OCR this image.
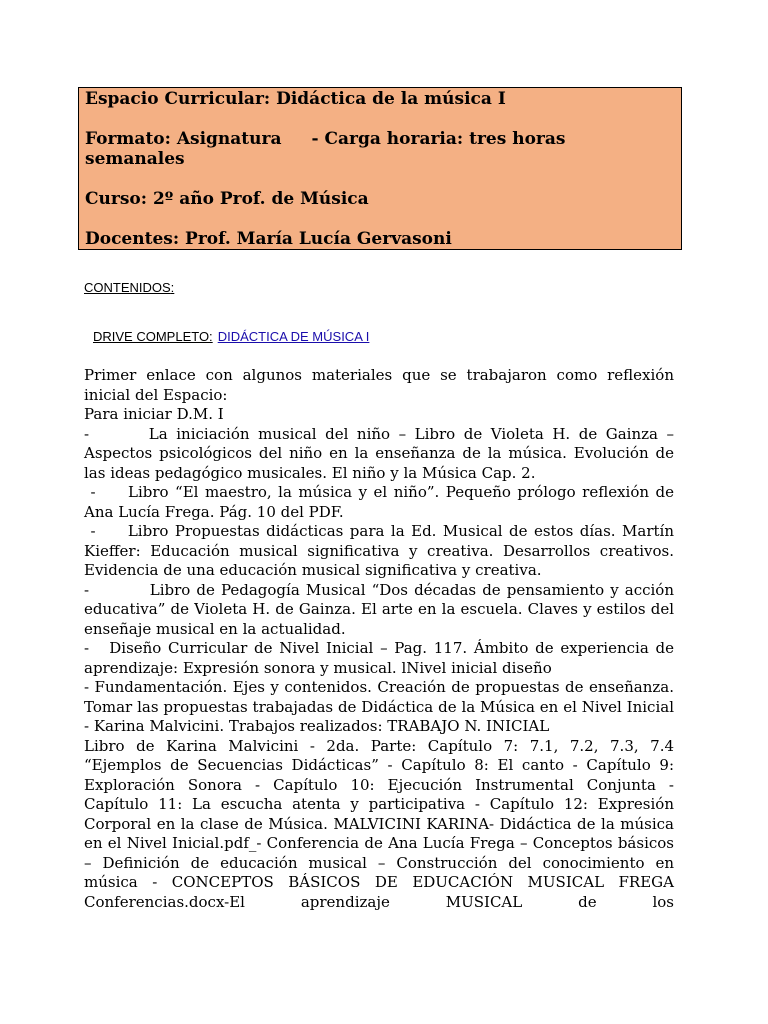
Espacio Curricular: Didáctica de la música I

Formato: Asignatura - Carga horaria: tres horas semanales

Curso: 2º año Prof. de Música

Docentes: Prof. María Lucía Gervasoni

CONTENIDOS:
DRIVE COMPLETO: DIDÁCTICA DE MÚSICA I

Primer enlace con algunos materiales que se trabajaron como reflexión inicial del Espacio:

Para iniciar D.M. I

-       La iniciación musical del niño – Libro de Violeta H. de Gainza – Aspectos psicológicos del niño en la enseñanza de la música. Evolución de las ideas pedagógico musicales. El niño y la Música Cap. 2.

-     Libro “El maestro, la música y el niño”. Pequeño prólogo reflexión de Ana Lucía Frega. Pág. 10 del PDF.

-     Libro Propuestas didácticas para la Ed. Musical de estos días. Martín Kieffer: Educación musical significativa y creativa. Desarrollos creativos. Evidencia de una educación musical significativa y creativa.

-          Libro de Pedagogía Musical “Dos décadas de pensamiento y acción educativa” de Violeta H. de Gainza. El arte en la escuela. Claves y estilos del enseñaje musical en la actualidad.

-   Diseño Curricular de Nivel Inicial – Pag. 117. Ámbito de experiencia de aprendizaje: Expresión sonora y musical. lNivel inicial diseño

- Fundamentación. Ejes y contenidos. Creación de propuestas de enseñanza. Tomar las propuestas trabajadas de Didáctica de la Música en el Nivel Inicial - Karina Malvicini. Trabajos realizados: TRABAJO N. INICIAL

Libro de Karina Malvicini - 2da. Parte: Capítulo 7: 7.1, 7.2, 7.3, 7.4 “Ejemplos de Secuencias Didácticas” - Capítulo 8: El canto - Capítulo 9: Exploración Sonora - Capítulo 10: Ejecución Instrumental Conjunta - Capítulo 11: La escucha atenta y participativa - Capítulo 12: Expresión Corporal en la clase de Música. MALVICINI KARINA- Didáctica de la música en el Nivel Inicial.pdf_- Conferencia de Ana Lucía Frega – Conceptos básicos – Definición de educación musical – Construcción del conocimiento en música - CONCEPTOS BÁSICOS DE EDUCACIÓN MUSICAL FREGA Conferencias.docx-El aprendizaje MUSICAL de los
